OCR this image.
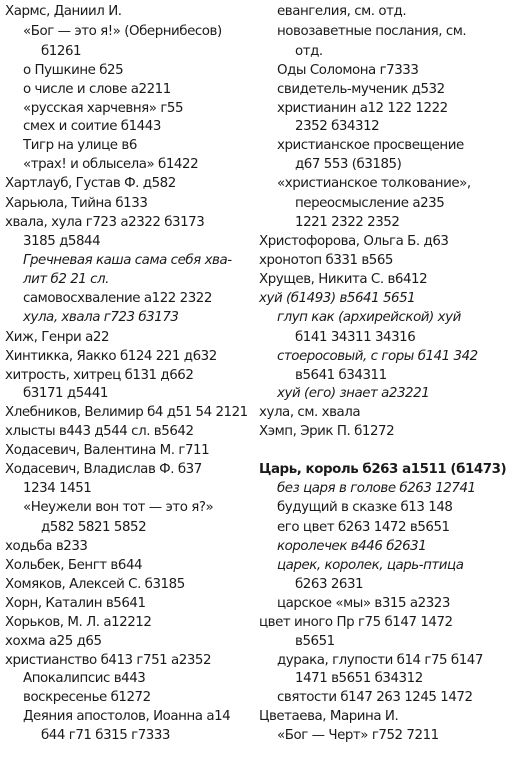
Хармс, Даниил И.
«Бог — это я!» (Обернибесов)
б1261
о Пушкине б25
о числе и слове а2211
«русская харчевня» г55
смех и соитие б1443
Тигр на улице в6
«трах! и облысела» б1422
Хартлауб, Густав Ф. д582
Харьюла, Тийна б133
хвала, хула г723 а2322 б3173
3185 д5844
Гречневая каша сама себя хва-
лит б2 21 сл.
самовосхваление а122 2322
хула, хвала г723 б3173
Хиж, Генри а22
Хинтикка, Яакко б124 221 д632
хитрость, хитрец б131 д662
б3171 д5441
Хлебников, Велимир б4 д51 54 2121
хлысты в443 д544 сл. в5642
Ходасевич, Валентина М. г711
Ходасевич, Владислав Ф. б37
1234 1451
«Неужели вон тот — это я?»
д582 5821 5852
ходьба в233
Хольбек, Бенгт в644
Хомяков, Алексей С. б3185
Хорн, Каталин в5641
Хорьков, М. Л. а12212
хохма а25 д65
христианство б413 г751 а2352
Апокалипсис в443
воскресенье б1272
Деяния апостолов, Иоанна а14
б44 г71 б315 г7333
евангелия, см. отд.
новозаветные послания, см.
отд.
Оды Соломона г7333
свидетель-мученик д532
христианин а12 122 1222
2352 б34312
христианское просвещение
д67 553 (б3185)
«христианское толкование»,
переосмысление а235
1221 2322 2352
Христофорова, Ольга Б. д63
хронотоп б331 в565
Хрущев, Никита С. в6412
хуй (б1493) в5641 5651
глуп как (архирейской) хуй
б141 34311 34316
стоеросовый, с горы б141 342
в5641 б34311
хуй (его) знает а23221
хула, см. хвала
Хэмп, Эрик П. б1272
Царь, король б263 а1511 (б1473)
без царя в голове б263 12741
будущий в сказке б13 148
его цвет б263 1472 в5651
королечек в446 б2631
царек, королек, царь-птица
б263 2631
царское «мы» в315 а2323
цвет иного Пр г75 б147 1472
в5651
дурака, глупости б14 г75 б147
1471 в5651 б34312
святости б147 263 1245 1472
Цветаева, Марина И.
«Бог — Черт» г752 7211
